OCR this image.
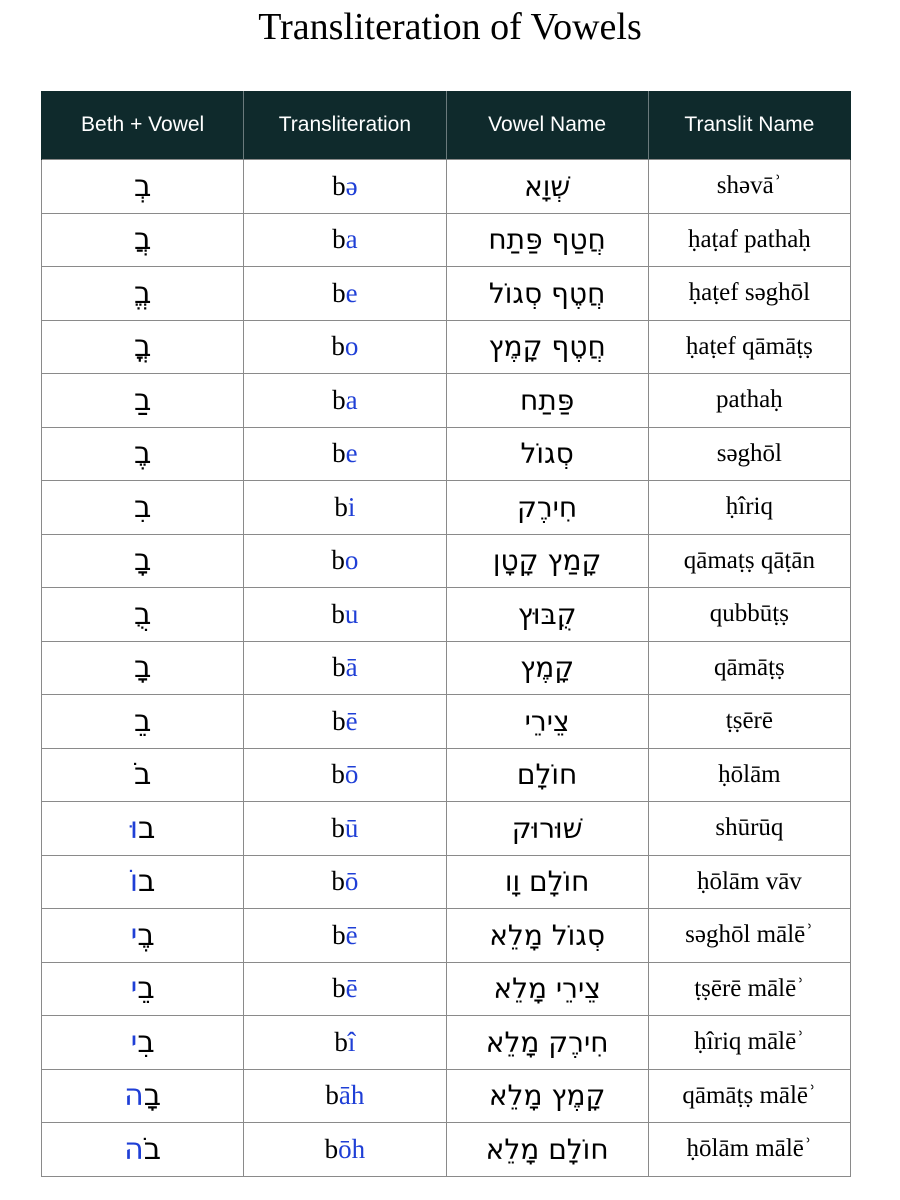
Transliteration of Vowels
Beth + Vowel	Transliteration	Vowel Name	Translit Name
בְ	bə	שְׁוָא	shəvāʾ
בֲ	ba	חֲטַף פַּתַח	ḥaṭaf pathaḥ
בֱ	be	חֲטֶף סְגוֹל	ḥaṭef səghōl
בֳ	bo	חֲטֶף קָמֶץ	ḥaṭef qāmāṭṣ
בַ	ba	פַּתַח	pathaḥ
בֶ	be	סְגוֹל	səghōl
בִ	bi	חִירֶק	ḥîriq
בָ	bo	קָמַץ קָטָן	qāmaṭṣ qāṭān
בֻ	bu	קֻבּוּץ	qubbūṭṣ
בָ	bā	קָמֶץ	qāmāṭṣ
בֵ	bē	צֵירֵי	ṭṣērē
בֹ	bō	חוֹלָם	ḥōlām
בוּ	bū	שׁוּרוּק	shūrūq
בוֹ	bō	חוֹלָם וָו	ḥōlām vāv
בֶי	bē	סְגוֹל מָלֵא	səghōl mālēʾ
בֵי	bē	צֵירֵי מָלֵא	ṭṣērē mālēʾ
בִי	bî	חִירֶק מָלֵא	ḥîriq mālēʾ
בָה	bāh	קָמֶץ מָלֵא	qāmāṭṣ mālēʾ
בֹה	bōh	חוֹלָם מָלֵא	ḥōlām mālēʾ
